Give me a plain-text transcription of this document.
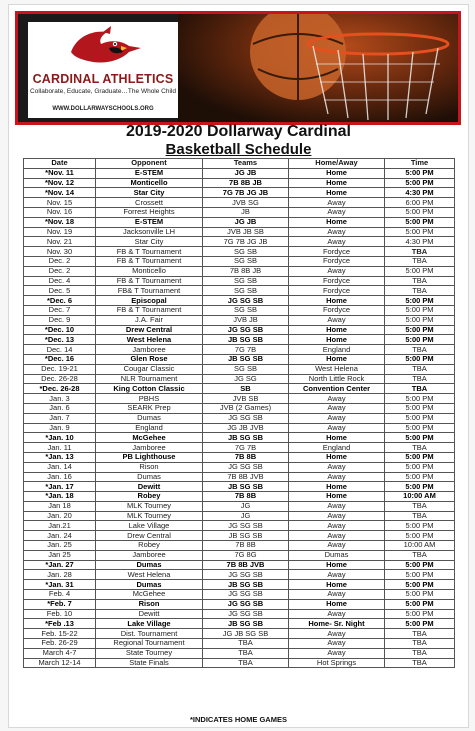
CARDINAL ATHLETICS
Collaborate, Educate, Graduate…The Whole Child
WWW.DOLLARWAYSCHOOLS.ORG
2019-2020 Dollarway Cardinal
Basketball Schedule
Date	Opponent	Teams	Home/Away	Time
*Nov. 11	E-STEM	JG JB	Home	5:00 PM
*Nov. 12	Monticello	7B 8B JB	Home	5:00 PM
*Nov. 14	Star City	7G 7B JG JB	Home	4:30 PM
Nov. 15	Crossett	JVB SG	Away	6:00 PM
Nov. 16	Forrest Heights	JB	Away	5:00 PM
*Nov. 18	E-STEM	JG JB	Home	5:00 PM
Nov. 19	Jacksonville LH	JVB JB SB	Away	5:00 PM
Nov. 21	Star City	7G 7B JG JB	Away	4:30 PM
Nov. 30	FB & T Tournament	SG SB	Fordyce	TBA
Dec. 2	FB & T Tournament	SG SB	Fordyce	TBA
Dec. 2	Monticello	7B 8B JB	Away	5:00 PM
Dec. 4	FB & T Tournament	SG SB	Fordyce	TBA
Dec. 5	FB& T Tournament	SG SB	Fordyce	TBA
*Dec. 6	Episcopal	JG SG SB	Home	5:00 PM
Dec. 7	FB & T Tournament	SG SB	Fordyce	5:00 PM
Dec. 9	J.A. Fair	JVB JB	Away	5:00 PM
*Dec. 10	Drew Central	JG SG SB	Home	5:00 PM
*Dec. 13	West Helena	JB SG SB	Home	5:00 PM
Dec. 14	Jamboree	7G 7B	England	TBA
*Dec. 16	Glen Rose	JB SG SB	Home	5:00 PM
Dec. 19-21	Cougar Classic	SG SB	West Helena	TBA
Dec. 26-28	NLR Tournament	JG SG	North Little Rock	TBA
*Dec. 26-28	King Cotton Classic	SB	Convention Center	TBA
Jan. 3	PBHS	JVB SB	Away	5:00 PM
Jan. 6	SEARK Prep	JVB (2 Games)	Away	5:00 PM
Jan. 7	Dumas	JG SG SB	Away	5:00 PM
Jan. 9	England	JG JB JVB	Away	5:00 PM
*Jan. 10	McGehee	JB SG SB	Home	5:00 PM
Jan. 11	Jamboree	7G 7B	England	TBA
*Jan. 13	PB Lighthouse	7B 8B	Home	5:00 PM
Jan. 14	Rison	JG SG SB	Away	5:00 PM
Jan. 16	Dumas	7B 8B JVB	Away	5:00 PM
*Jan. 17	Dewitt	JB SG SB	Home	5:00 PM
*Jan. 18	Robey	7B 8B	Home	10:00 AM
Jan 18	MLK Tourney	JG	Away	TBA
Jan. 20	MLK Tourney	JG	Away	TBA
Jan.21	Lake Village	JG SG SB	Away	5:00 PM
Jan. 24	Drew Central	JB SG SB	Away	5:00 PM
Jan. 25	Robey	7B 8B	Away	10:00 AM
Jan 25	Jamboree	7G 8G	Dumas	TBA
*Jan. 27	Dumas	7B 8B JVB	Home	5:00 PM
Jan. 28	West Helena	JG SG SB	Away	5:00 PM
*Jan. 31	Dumas	JB SG SB	Home	5:00 PM
Feb. 4	McGehee	JG SG SB	Away	5:00 PM
*Feb. 7	Rison	JG SG SB	Home	5:00 PM
Feb. 10	Dewitt	JG SG SB	Away	5:00 PM
*Feb .13	Lake Village	JB SG SB	Home- Sr. Night	5:00 PM
Feb. 15-22	Dist. Tournament	JG JB SG SB	Away	TBA
Feb. 26-29	Regional Tournament	TBA	Away	TBA
March 4-7	State Tourney	TBA	Away	TBA
March 12-14	State Finals	TBA	Hot Springs	TBA
*INDICATES HOME GAMES
